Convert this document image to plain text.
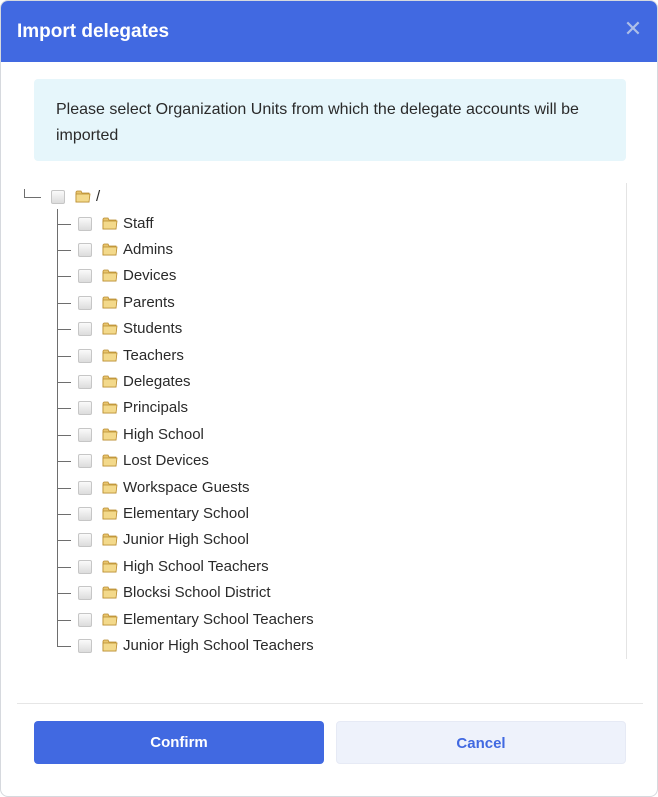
Import delegates	✕
Please select Organization Units from which the delegate accounts will be imported
/
Staff
Admins
Devices
Parents
Students
Teachers
Delegates
Principals
High School
Lost Devices
Workspace Guests
Elementary School
Junior High School
High School Teachers
Blocksi School District
Elementary School Teachers
Junior High School Teachers
Confirm	Cancel
